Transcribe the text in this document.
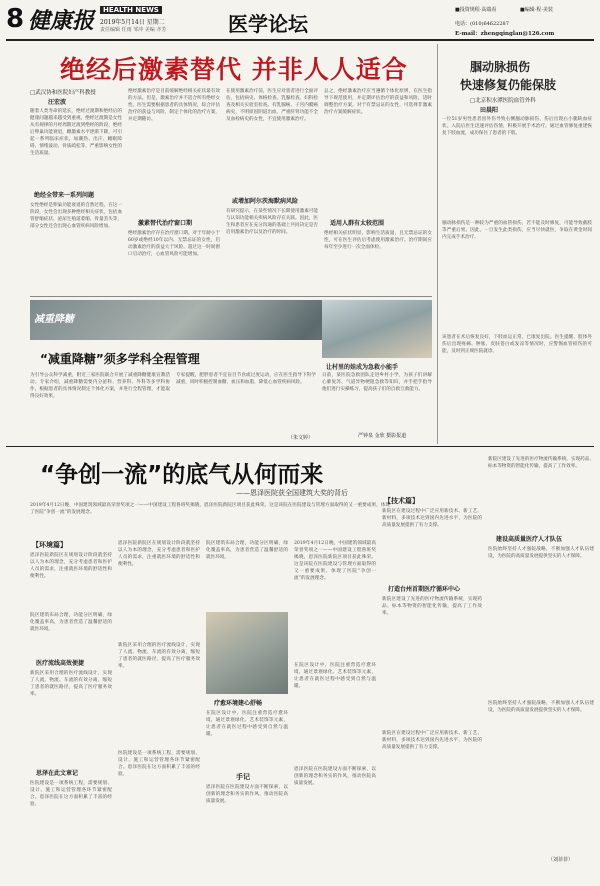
8 健康报	HEALTH NEWS
2019年5月14日 星期二
责任编辑 任雨 邹冲 美编 齐芳	医学论坛
■投资规程·高端看	■编辑·程·美装
电话：(010)64622287
E-mail：zhengqinglan@126.com
绝经后激素替代 并非人人适合
□武汉协和医院妇产科教授
汪宏波
随着人类寿命的延长，绝经过渡期和绝经后的健康问题越来越受到重视。绝经过渡期是女性从有规律的月经周期过渡到绝经的阶段，绝经后卵巢功能衰退，雌激素水平逐渐下降，可引起一系列临床症状，如潮热、出汗、睡眠障碍、情绪波动、骨质疏松等，严重影响女性的生活质量。
绝经全带来一系列问题
女性绝经是卵巢功能衰退的自然过程。在这一阶段，女性会出现多种绝经相关症状，包括血管舒缩症状、泌尿生殖道萎缩、骨量丢失等，部分女性还会出现心血管疾病风险增加。
绝经激素治疗是目前缓解绝经相关症状最有效的方法。但是，激素治疗并不适合所有绝经女性。医生需要根据患者的具体情况，综合评估治疗的获益与风险，制定个体化的治疗方案，并定期随访。
激素替代治疗窗口期
绝经激素治疗存在治疗窗口期。对于年龄小于60岁或绝经10年以内、无禁忌证的女性，启动激素治疗的获益大于风险。超过这一时间窗口启动治疗，心血管风险可能增加。
在使用激素治疗前，医生应对患者进行全面评估，包括病史、体格检查、乳腺检查、妇科检查及相关实验室检查。有乳腺癌、子宫内膜癌病史，不明原因阴道出血，严重肝肾功能不全及血栓病史的女性，不宜使用激素治疗。
或增加阿尔茨海默病风险
有研究提示，在某些情况下长期使用激素可能与认知功能相关疾病风险存在关联。因此，医生和患者应在充分沟通的基础上共同决定是否启用激素治疗以及治疗的时间。
总之，绝经激素治疗应当遵循个体化原则，在医生指导下规范使用，并定期评估治疗的获益和风险，适时调整治疗方案。对于有禁忌证的女性，可选择非激素治疗方案缓解症状。
适用人群有太较范围
绝经相关症状明显、影响生活质量，且无禁忌证的女性，可在医生评估后考虑使用激素治疗。治疗期间应每年至少进行一次全面体检。
腘动脉损伤
快速修复仍能保肢
□北京积水潭医院血管外科
田晨阳
一位51岁男性患者因外伤导致右侧腘动脉损伤，伤后出现右小腿缺血症状。入院后医生迅速评估伤情，积极开展手术治疗，通过血管修复重建恢复下肢血流，成功保住了患者的下肢。
腘动脉损伤是一种较为严重的血管损伤，若不能及时修复，可能导致截肢等严重后果。因此，一旦发生此类损伤，应当尽快就医，争取在黄金时间内完成手术治疗。
该患者在术后恢复良好，下肢血运正常，已康复出院。医生提醒，肢体外伤后出现疼痛、肿胀、皮肤苍白或发凉等情况时，应警惕血管损伤的可能，及时到正规医院就诊。
减重降糖
“减重降糖”须多学科全程管理
为引导公众科学减重，附近三家医院联合开展了减重降糖健康宣教活动。专家介绍，减重降糖需要内分泌科、营养科、外科等多学科协作，根据患者的具体情况制定个体化方案，并进行全程管理，才能取得良好效果。
专家提醒，肥胖患者不宜盲目节食或过度运动，应在医生指导下科学减重，同时积极控制血糖、血压和血脂，降低心血管疾病风险。
（朱文婷）
让村里的娃成为急救小能手
日前，某医院急救团队走进乡村小学，为孩子们讲解心肺复苏、气道异物梗阻急救等知识，并手把手指导他们进行实操练习，提高孩子们的自救互救能力。
严钟泉 金欣 摄影报道
“争创一流”的底气从何而来
——恩泽医院获全国建筑大奖的背后
2019年4月12日晚，中国建筑领域最高荣誉奖项之一——中国建设工程鲁班奖揭晓，恩泽医院新院区项目获此殊荣。这是该院在医院建设与管理方面取得的又一重要成果，体现了医院“争创一流”的发展理念。
【环境篇】
恩泽医院新院区在规划设计阶段就坚持以人为本的理念，充分考虑患者和医护人员的需求，注重就医环境的舒适性和便利性。
院区建筑布局合理，功能分区明确，绿化覆盖率高，为患者营造了温馨舒适的就医环境。
医疗流线高效便捷
新院区采用合理的医疗流线设计，实现了人流、物流、车流的有效分离，缩短了患者的就医路径，提高了医疗服务效率。
思泽在此文章记
医院建设是一项系统工程，需要规划、设计、施工和运营管理各环节紧密配合。恩泽医院在这方面积累了丰富的经验。
恩泽医院新院区在规划设计阶段就坚持以人为本的理念，充分考虑患者和医护人员的需求，注重就医环境的舒适性和便利性。
新院区采用合理的医疗流线设计，实现了人流、物流、车流的有效分离，缩短了患者的就医路径，提高了医疗服务效率。
医院建设是一项系统工程，需要规划、设计、施工和运营管理各环节紧密配合。恩泽医院在这方面积累了丰富的经验。
院区建筑布局合理，功能分区明确，绿化覆盖率高，为患者营造了温馨舒适的就医环境。
疗愈环境建心舒畅
在院区设计中，医院注重营造疗愈环境，通过景观绿化、艺术装饰等元素，让患者在就医过程中感受到自然与温暖。
手记
恩泽医院在医院建设方面不断探索，以创新的理念和务实的作风，推动医院高质量发展。
2019年4月12日晚，中国建筑领域最高荣誉奖项之一——中国建设工程鲁班奖揭晓，恩泽医院新院区项目获此殊荣。这是该院在医院建设与管理方面取得的又一重要成果，体现了医院“争创一流”的发展理念。
在院区设计中，医院注重营造疗愈环境，通过景观绿化、艺术装饰等元素，让患者在就医过程中感受到自然与温暖。
恩泽医院在医院建设方面不断探索，以创新的理念和务实的作风，推动医院高质量发展。
【技术篇】
新院区在建设过程中广泛应用新技术、新工艺、新材料，多项技术达到国内先进水平，为医院的高质量发展提供了有力支撑。
打造台州首期医疗循环中心
新院区建设了先进的医疗物流传输系统，实现药品、标本等物资的智能化传输，提高了工作效率。
新院区在建设过程中广泛应用新技术、新工艺、新材料，多项技术达到国内先进水平，为医院的高质量发展提供了有力支撑。
新院区建设了先进的医疗物流传输系统，实现药品、标本等物资的智能化传输，提高了工作效率。
建设高质量医疗人才队伍
医院始终坚持人才强院战略，不断加强人才队伍建设，为医院的高质量发展提供坚实的人才保障。
医院始终坚持人才强院战略，不断加强人才队伍建设，为医院的高质量发展提供坚实的人才保障。
（刘菲菲）
